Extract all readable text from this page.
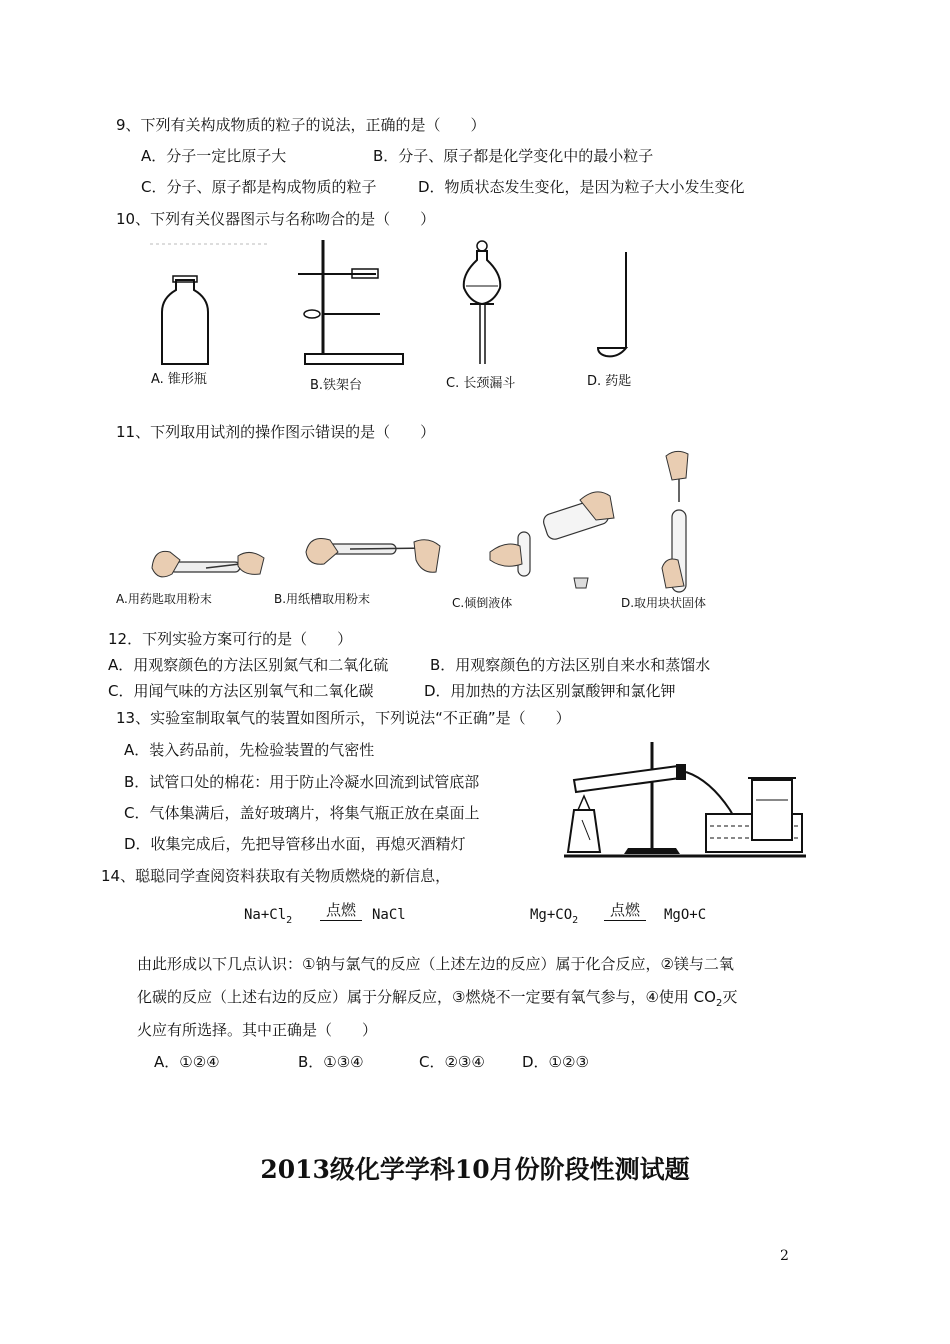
9、下列有关构成物质的粒子的说法，正确的是（　　）
A．分子一定比原子大	B．分子、原子都是化学变化中的最小粒子
C．分子、原子都是构成物质的粒子	D．物质状态发生变化，是因为粒子大小发生变化
10、下列有关仪器图示与名称吻合的是（　　）
A. 锥形瓶	B.铁架台	C. 长颈漏斗	D. 药匙
11、下列取用试剂的操作图示错误的是（　　）
A.用药匙取用粉末	B.用纸槽取用粉末	C.倾倒液体	D.取用块状固体
12．下列实验方案可行的是（　　）
A．用观察颜色的方法区别氮气和二氧化硫	B．用观察颜色的方法区别自来水和蒸馏水
C．用闻气味的方法区别氧气和二氧化碳	D．用加热的方法区别氯酸钾和氯化钾
13、实验室制取氧气的装置如图所示，下列说法“不正确”是（　　）
A．装入药品前，先检验装置的气密性
B．试管口处的棉花：用于防止冷凝水回流到试管底部
C．气体集满后，盖好玻璃片，将集气瓶正放在桌面上
D．收集完成后，先把导管移出水面，再熄灭酒精灯
14、聪聪同学查阅资料获取有关物质燃烧的新信息，
$Na+Cl_2$
点燃	NaCl	$Mg+CO_2$
点燃	MgO+C
由此形成以下几点认识：①钠与氯气的反应（上述左边的反应）属于化合反应，②镁与二氧
化碳的反应（上述右边的反应）属于分解反应，③燃烧不一定要有氧气参与，④使用 $CO_2$灭
火应有所选择。其中正确是（　　）
A．①②④	B．①③④	C．②③④ D．①②③
2013级化学学科10月份阶段性测试题
2
